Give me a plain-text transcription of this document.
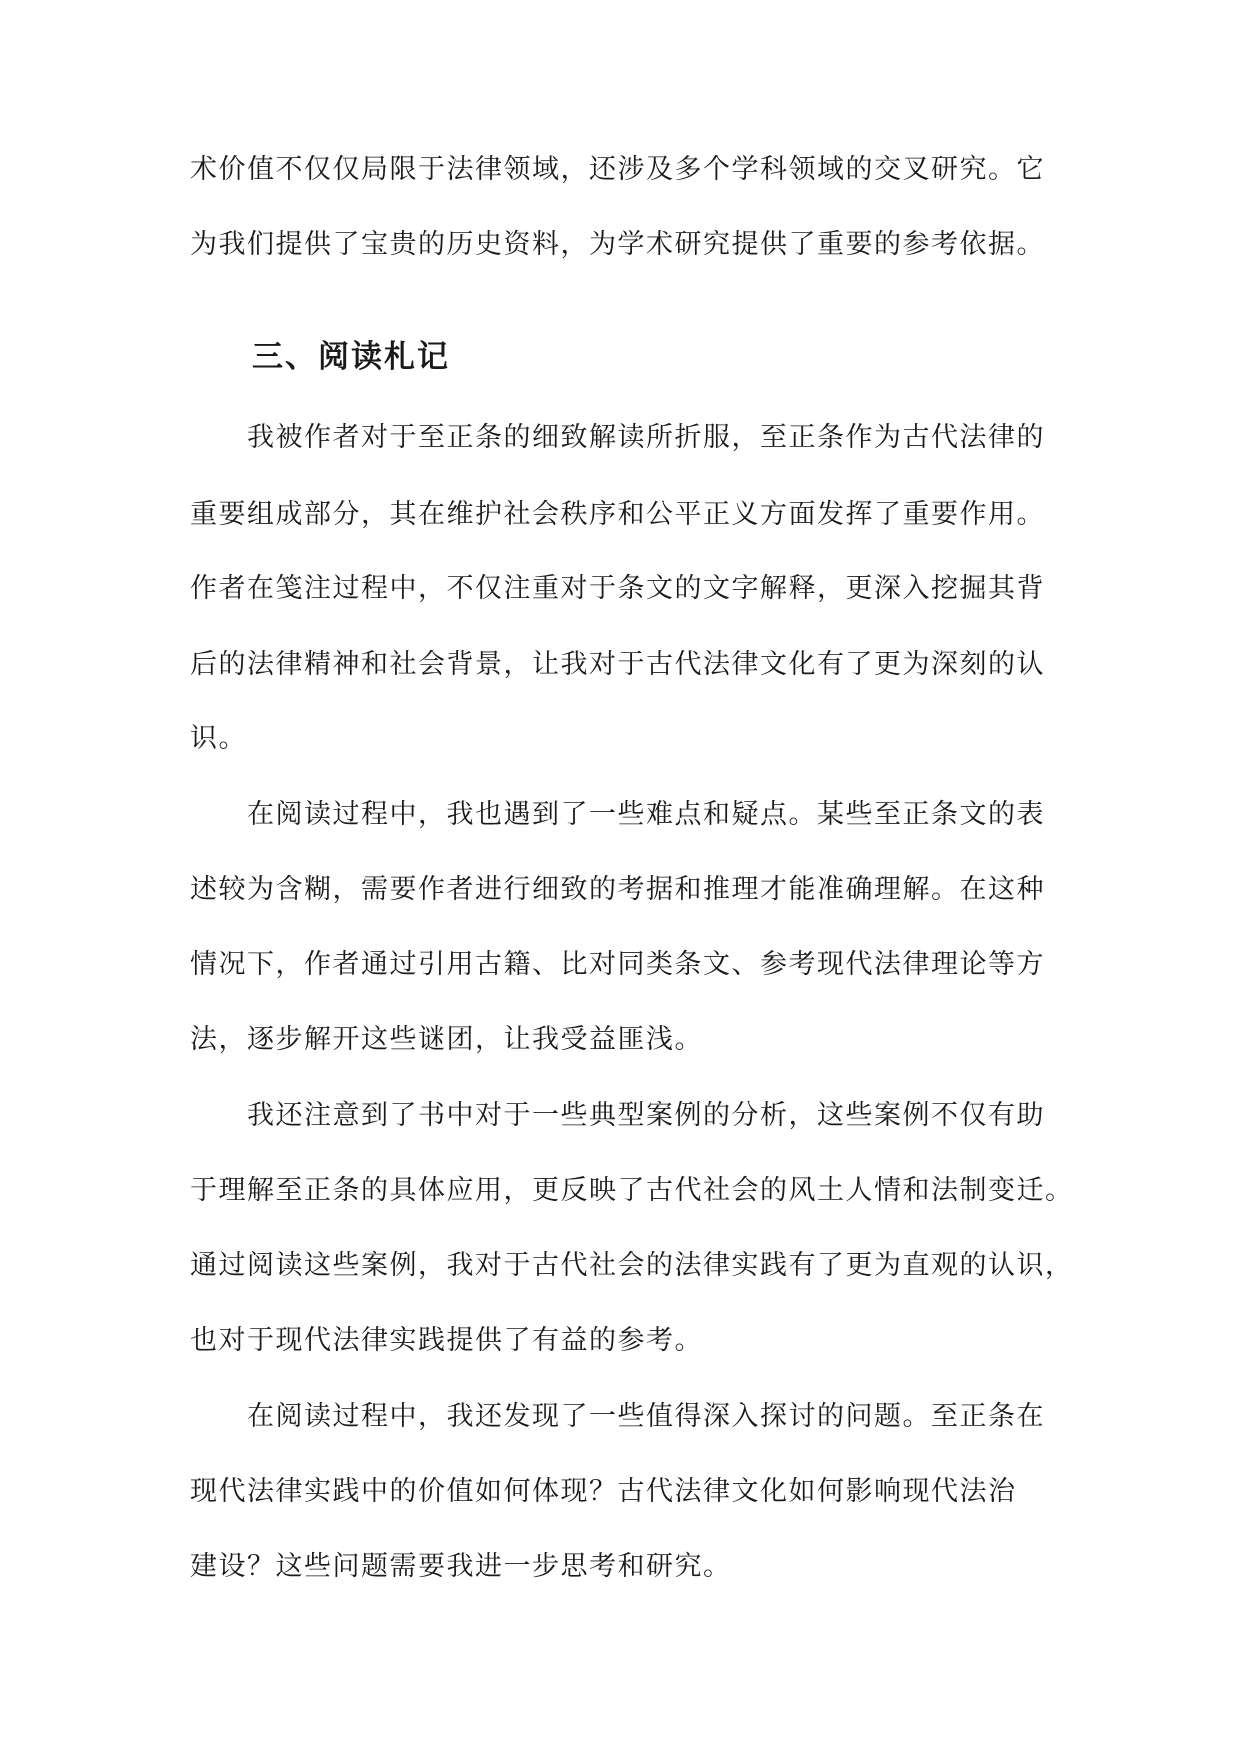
术价值不仅仅局限于法律领域，还涉及多个学科领域的交叉研究。它
为我们提供了宝贵的历史资料，为学术研究提供了重要的参考依据。
三、阅读札记
我被作者对于至正条的细致解读所折服，至正条作为古代法律的
重要组成部分，其在维护社会秩序和公平正义方面发挥了重要作用。
作者在笺注过程中，不仅注重对于条文的文字解释，更深入挖掘其背
后的法律精神和社会背景，让我对于古代法律文化有了更为深刻的认
识。
在阅读过程中，我也遇到了一些难点和疑点。某些至正条文的表
述较为含糊，需要作者进行细致的考据和推理才能准确理解。在这种
情况下，作者通过引用古籍、比对同类条文、参考现代法律理论等方
法，逐步解开这些谜团，让我受益匪浅。
我还注意到了书中对于一些典型案例的分析，这些案例不仅有助
于理解至正条的具体应用，更反映了古代社会的风土人情和法制变迁。
通过阅读这些案例，我对于古代社会的法律实践有了更为直观的认识，
也对于现代法律实践提供了有益的参考。
在阅读过程中，我还发现了一些值得深入探讨的问题。至正条在
现代法律实践中的价值如何体现？古代法律文化如何影响现代法治
建设？这些问题需要我进一步思考和研究。
